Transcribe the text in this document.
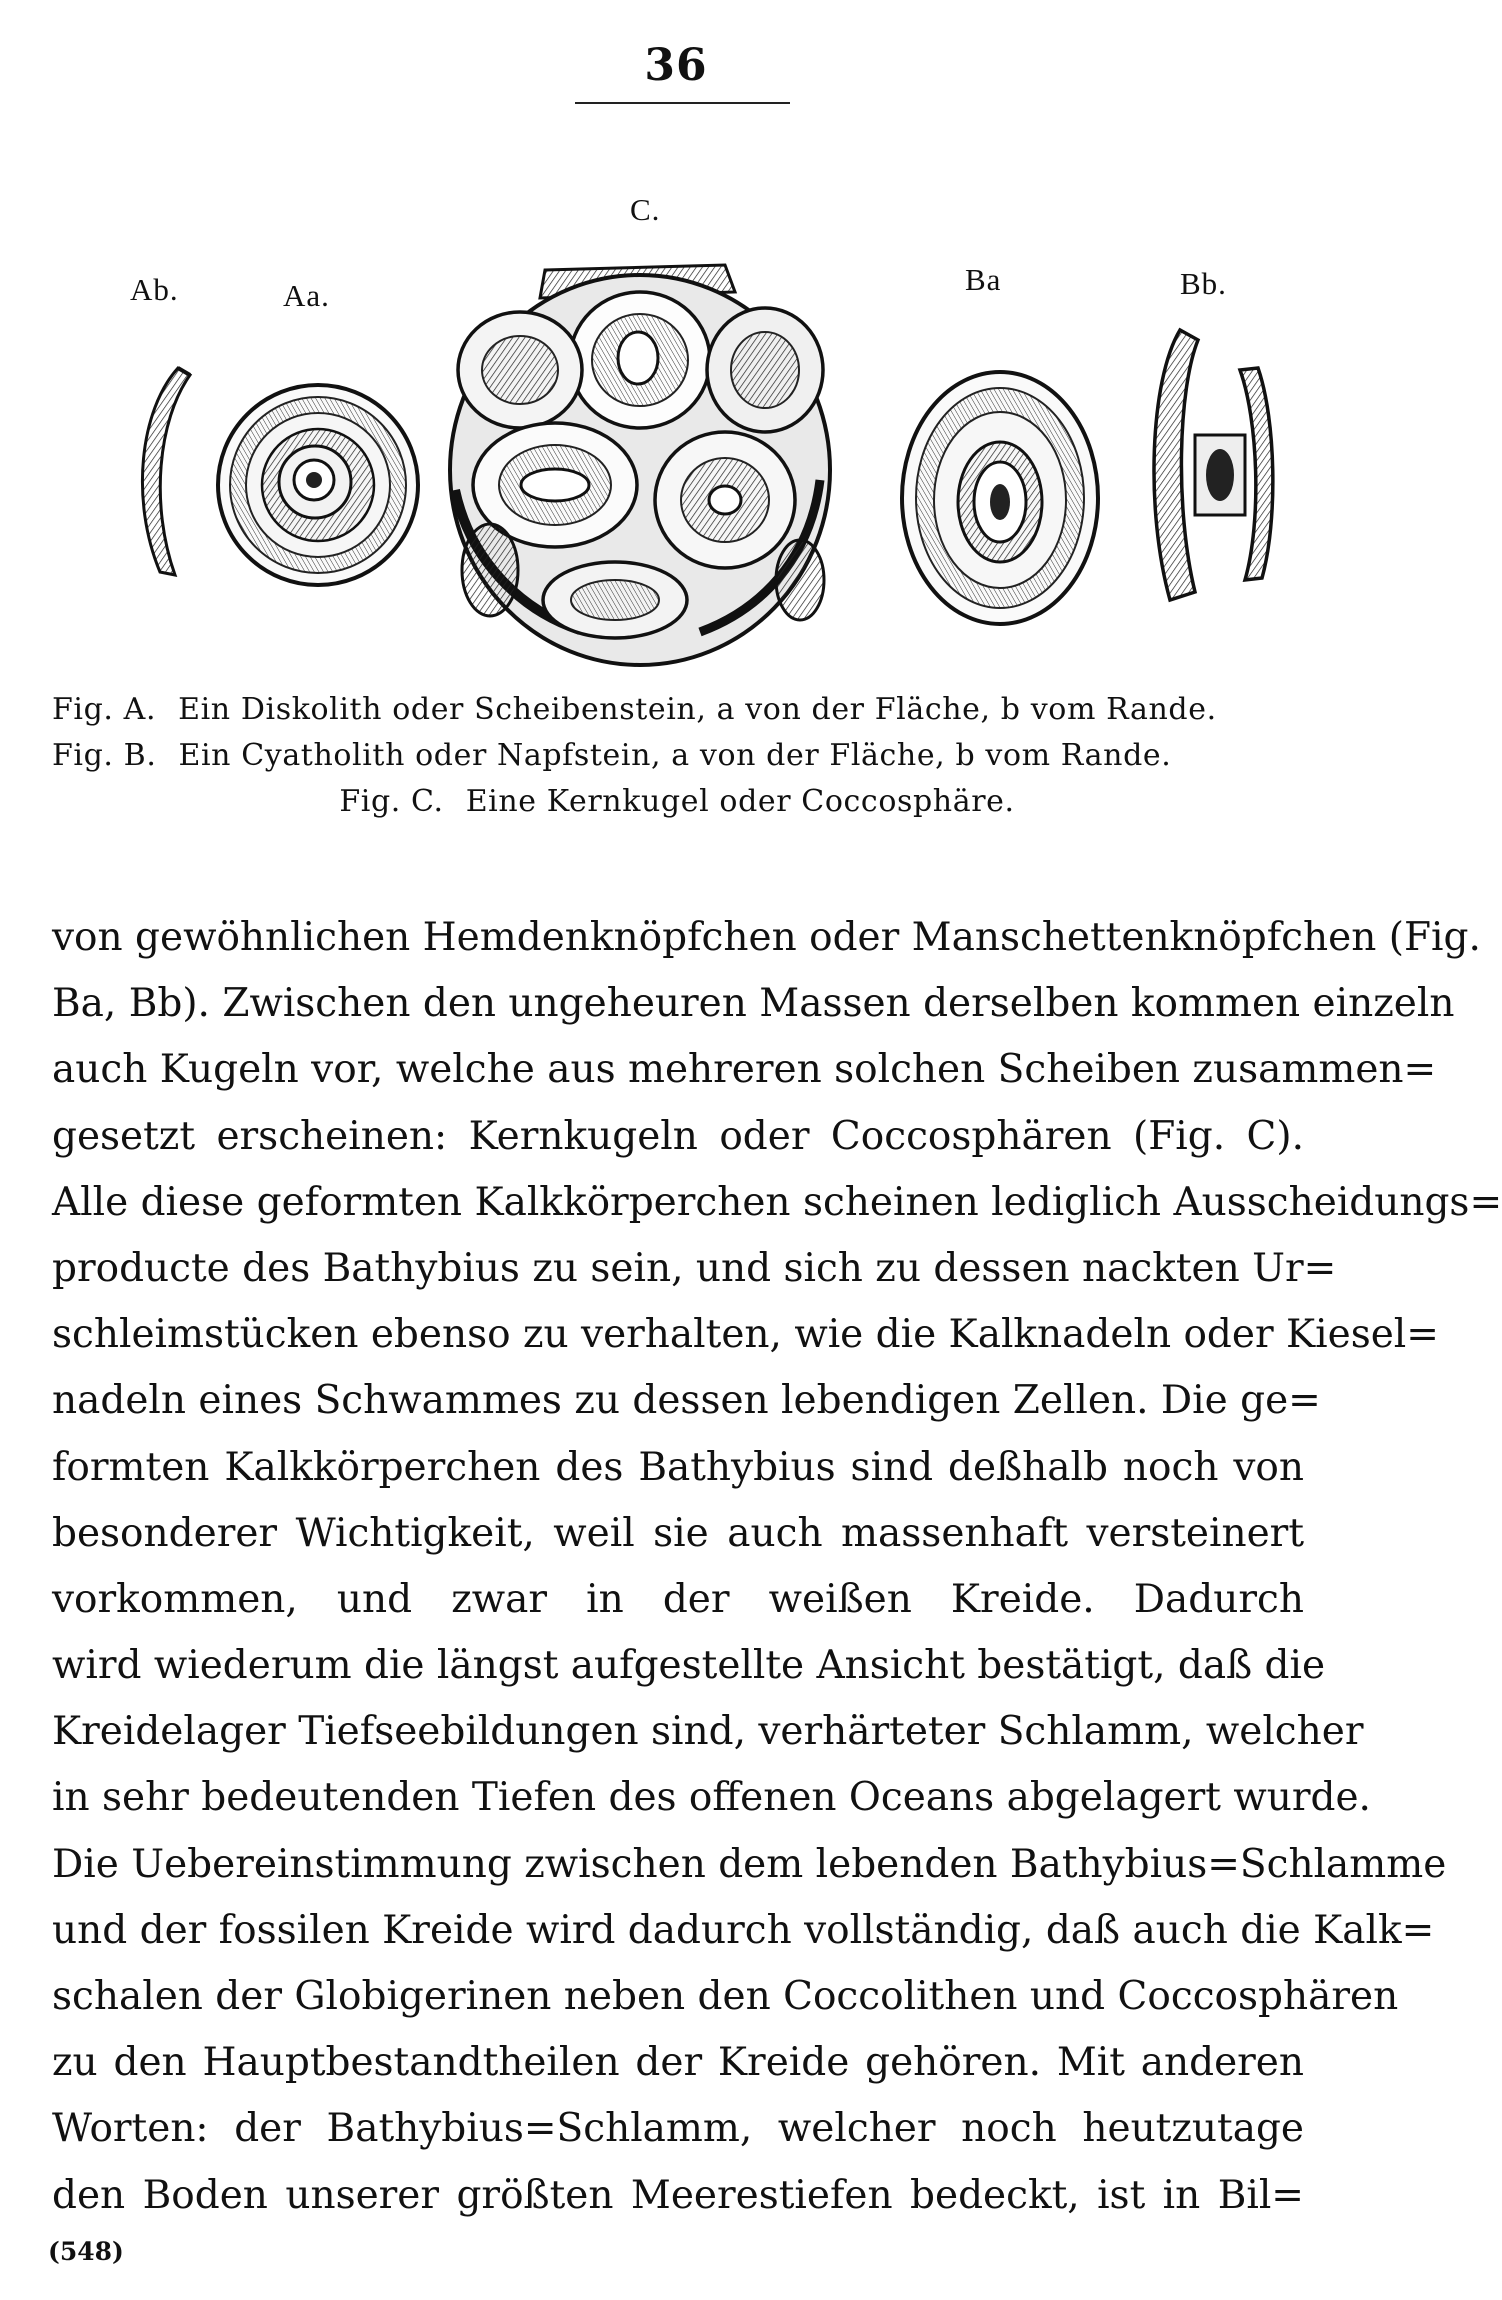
36
Ab.	Aa.
C.
Ba	Bb.
Fig. A. Ein Diskolith oder Scheibenstein, a von der Fläche, b vom Rande.
Fig. B. Ein Cyatholith oder Napfstein, a von der Fläche, b vom Rande.
Fig. C. Eine Kernkugel oder Coccosphäre.
von gewöhnlichen Hemdenknöpfchen oder Manschettenknöpfchen (Fig.
Ba, Bb). Zwischen den ungeheuren Massen derselben kommen einzeln
auch Kugeln vor, welche aus mehreren solchen Scheiben zusammen=
gesetzt erscheinen: Kernkugeln oder Coccosphären (Fig. C).
Alle diese geformten Kalkkörperchen scheinen lediglich Ausscheidungs=
producte des Bathybius zu sein, und sich zu dessen nackten Ur=
schleimstücken ebenso zu verhalten, wie die Kalknadeln oder Kiesel=
nadeln eines Schwammes zu dessen lebendigen Zellen. Die ge=
formten Kalkkörperchen des Bathybius sind deßhalb noch von
besonderer Wichtigkeit, weil sie auch massenhaft versteinert
vorkommen, und zwar in der weißen Kreide. Dadurch
wird wiederum die längst aufgestellte Ansicht bestätigt, daß die
Kreidelager Tiefseebildungen sind, verhärteter Schlamm, welcher
in sehr bedeutenden Tiefen des offenen Oceans abgelagert wurde.
Die Uebereinstimmung zwischen dem lebenden Bathybius=Schlamme
und der fossilen Kreide wird dadurch vollständig, daß auch die Kalk=
schalen der Globigerinen neben den Coccolithen und Coccosphären
zu den Hauptbestandtheilen der Kreide gehören. Mit anderen
Worten: der Bathybius=Schlamm, welcher noch heutzutage
den Boden unserer größten Meerestiefen bedeckt, ist in Bil=
(548)
